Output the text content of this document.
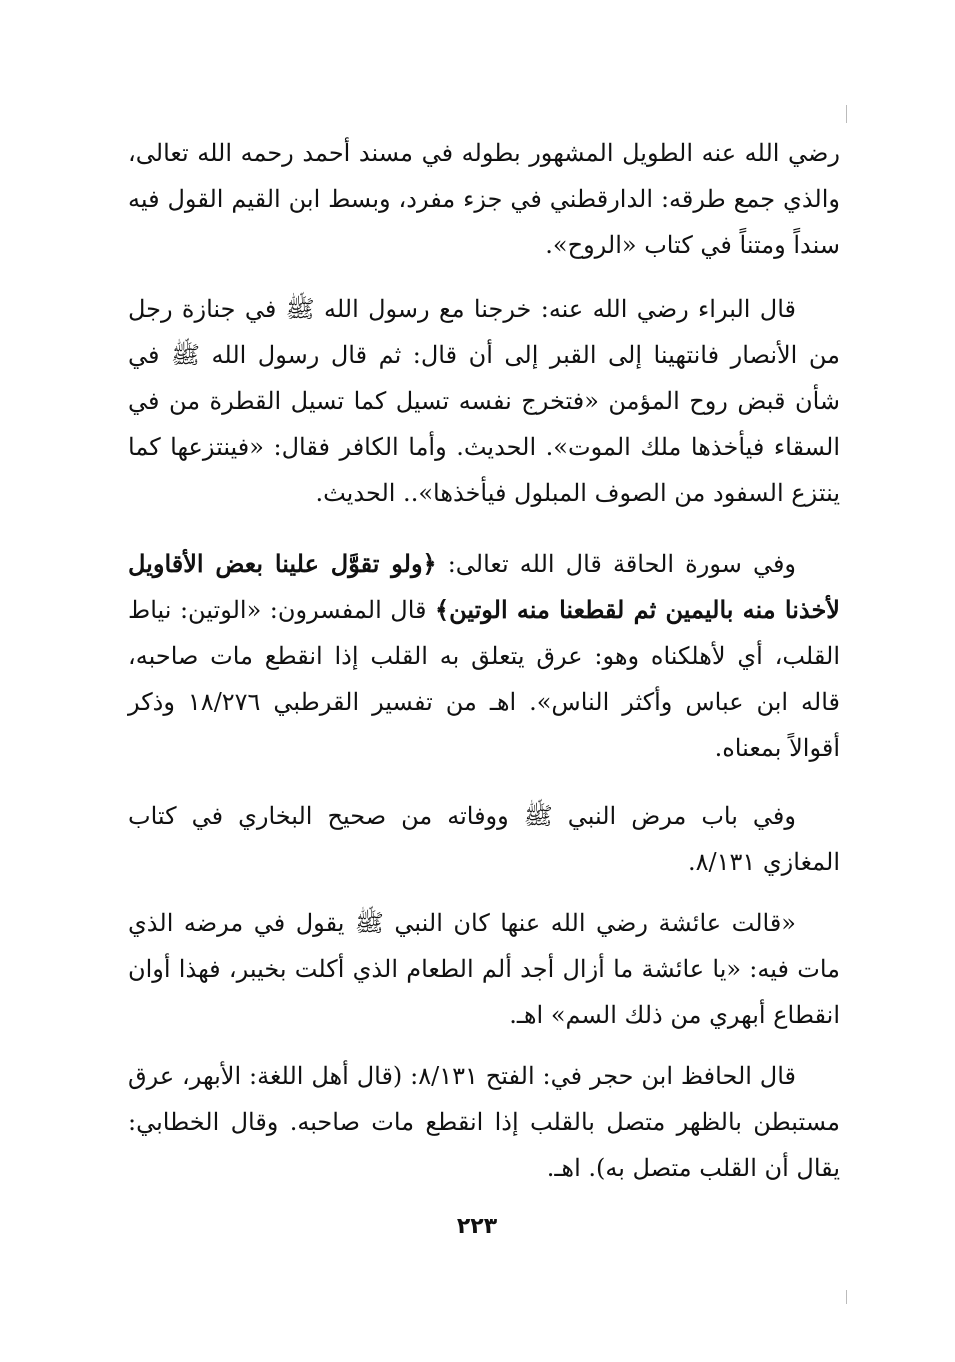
رضي الله عنه الطويل المشهور بطوله في مسند أحمد رحمه الله تعالى، والذي جمع طرقه: الدارقطني في جزء مفرد، وبسط ابن القيم القول فيه سنداً ومتناً في كتاب «الروح».

قال البراء رضي الله عنه: خرجنا مع رسول الله ﷺ في جنازة رجل من الأنصار فانتهينا إلى القبر إلى أن قال: ثم قال رسول الله ﷺ في شأن قبض روح المؤمن «فتخرج نفسه تسيل كما تسيل القطرة من في السقاء فيأخذها ملك الموت». الحديث. وأما الكافر فقال: «فينتزعها كما ينتزع السفود من الصوف المبلول فيأخذها».. الحديث.

وفي سورة الحاقة قال الله تعالى: ﴿ولو تقوَّل علينا بعض الأقاويل لأخذنا منه باليمين ثم لقطعنا منه الوتين﴾ قال المفسرون: «الوتين: نياط القلب، أي لأهلكناه وهو: عرق يتعلق به القلب إذا انقطع مات صاحبه، قاله ابن عباس وأكثر الناس». اهـ من تفسير القرطبي ١٨/٢٧٦ وذكر أقوالاً بمعناه.

وفي باب مرض النبي ﷺ ووفاته من صحيح البخاري في كتاب المغازي ٨/١٣١.

«قالت عائشة رضي الله عنها كان النبي ﷺ يقول في مرضه الذي مات فيه: «يا عائشة ما أزال أجد ألم الطعام الذي أكلت بخيبر، فهذا أوان انقطاع أبهري من ذلك السم» اهـ.

قال الحافظ ابن حجر في: الفتح ٨/١٣١: (قال أهل اللغة: الأبهر، عرق مستبطن بالظهر متصل بالقلب إذا انقطع مات صاحبه. وقال الخطابي: يقال أن القلب متصل به). اهـ.

٢٢٣
